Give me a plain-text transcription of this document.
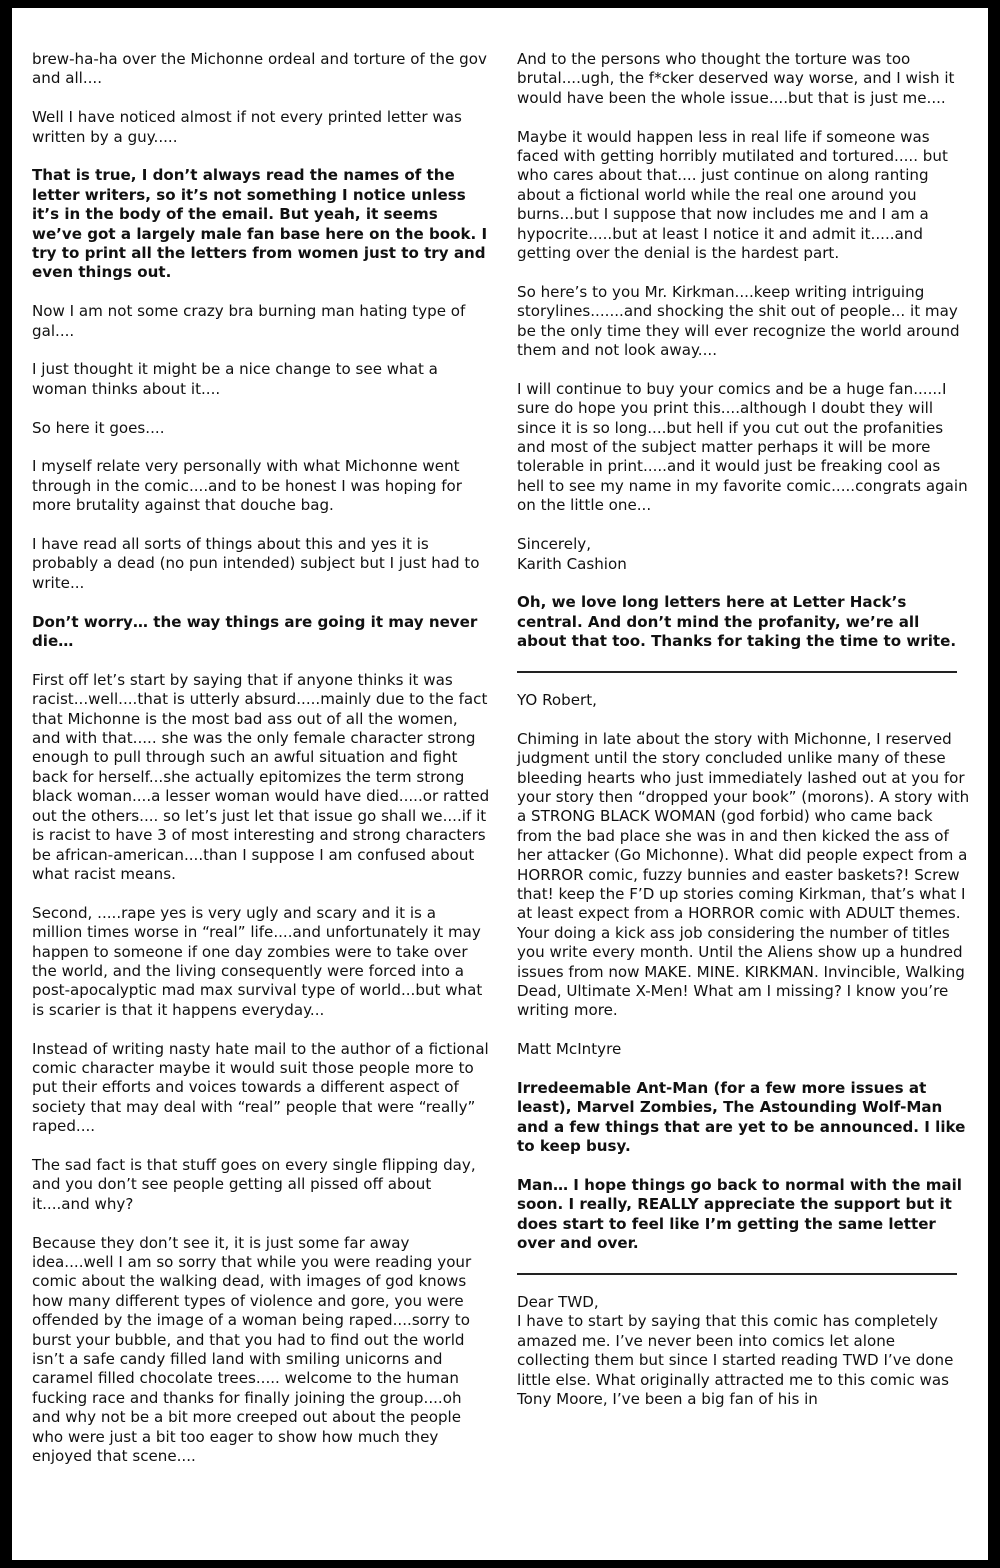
brew-ha-ha over the Michonne ordeal and torture of the gov and all....

Well I have noticed almost if not every printed letter was written by a guy.....

That is true, I don’t always read the names of the letter writers, so it’s not something I notice unless it’s in the body of the email. But yeah, it seems we’ve got a largely male fan base here on the book. I try to print all the letters from women just to try and even things out.

Now I am not some crazy bra burning man hating type of gal....

I just thought it might be a nice change to see what a woman thinks about it....

So here it goes....

I myself relate very personally with what Michonne went through in the comic....and to be honest I was hoping for more brutality against that douche bag.

I have read all sorts of things about this and yes it is probably a dead (no pun intended) subject but I just had to write...

Don’t worry… the way things are going it may never die…

First off let’s start by saying that if anyone thinks it was racist...well....that is utterly absurd.....mainly due to the fact that Michonne is the most bad ass out of all the women, and with that..... she was the only female character strong enough to pull through such an awful situation and fight back for herself...she actually epitomizes the term strong black woman....a lesser woman would have died.....or ratted out the others.... so let’s just let that issue go shall we....if it is racist to have 3 of most interesting and strong characters be african-american....than I suppose I am confused about what racist means.

Second, .....rape yes is very ugly and scary and it is a million times worse in “real” life....and unfortunately it may happen to someone if one day zombies were to take over the world, and the living consequently were forced into a post-apocalyptic mad max survival type of world...but what is scarier is that it happens everyday...

Instead of writing nasty hate mail to the author of a fictional comic character maybe it would suit those people more to put their efforts and voices towards a different aspect of society that may deal with “real” people that were “really” raped....

The sad fact is that stuff goes on every single flipping day, and you don’t see people getting all pissed off about it....and why?

Because they don’t see it, it is just some far away idea....well I am so sorry that while you were reading your comic about the walking dead, with images of god knows how many different types of violence and gore, you were offended by the image of a woman being raped....sorry to burst your bubble, and that you had to find out the world isn’t a safe candy filled land with smiling unicorns and caramel filled chocolate trees..... welcome to the human fucking race and thanks for finally joining the group....oh and why not be a bit more creeped out about the people who were just a bit too eager to show how much they enjoyed that scene....

And to the persons who thought the torture was too brutal....ugh, the f*cker deserved way worse, and I wish it would have been the whole issue....but that is just me....

Maybe it would happen less in real life if someone was faced with getting horribly mutilated and tortured..... but who cares about that.... just continue on along ranting about a fictional world while the real one around you burns...but I suppose that now includes me and I am a hypocrite.....but at least I notice it and admit it.....and getting over the denial is the hardest part.

So here’s to you Mr. Kirkman....keep writing intriguing storylines.......and shocking the shit out of people... it may be the only time they will ever recognize the world around them and not look away....

I will continue to buy your comics and be a huge fan......I sure do hope you print this....although I doubt they will since it is so long....but hell if you cut out the profanities and most of the subject matter perhaps it will be more tolerable in print.....and it would just be freaking cool as hell to see my name in my favorite comic.....congrats again on the little one...

Sincerely,
Karith Cashion

Oh, we love long letters here at Letter Hack’s central. And don’t mind the profanity, we’re all about that too. Thanks for taking the time to write.

YO Robert,

Chiming in late about the story with Michonne, I reserved judgment until the story concluded unlike many of these bleeding hearts who just immediately lashed out at you for your story then “dropped your book” (morons). A story with a STRONG BLACK WOMAN (god forbid) who came back from the bad place she was in and then kicked the ass of her attacker (Go Michonne). What did people expect from a HORROR comic, fuzzy bunnies and easter baskets?! Screw that! keep the F’D up stories coming Kirkman, that’s what I at least expect from a HORROR comic with ADULT themes. Your doing a kick ass job considering the number of titles you write every month. Until the Aliens show up a hundred issues from now MAKE. MINE. KIRKMAN. Invincible, Walking Dead, Ultimate X-Men! What am I missing? I know you’re writing more.

Matt McIntyre

Irredeemable Ant-Man (for a few more issues at least), Marvel Zombies, The Astounding Wolf-Man and a few things that are yet to be announced. I like to keep busy.

Man… I hope things go back to normal with the mail soon. I really, REALLY appreciate the support but it does start to feel like I’m getting the same letter over and over.

Dear TWD,
I have to start by saying that this comic has completely amazed me. I’ve never been into comics let alone collecting them but since I started reading TWD I’ve done little else. What originally attracted me to this comic was Tony Moore, I’ve been a big fan of his in
